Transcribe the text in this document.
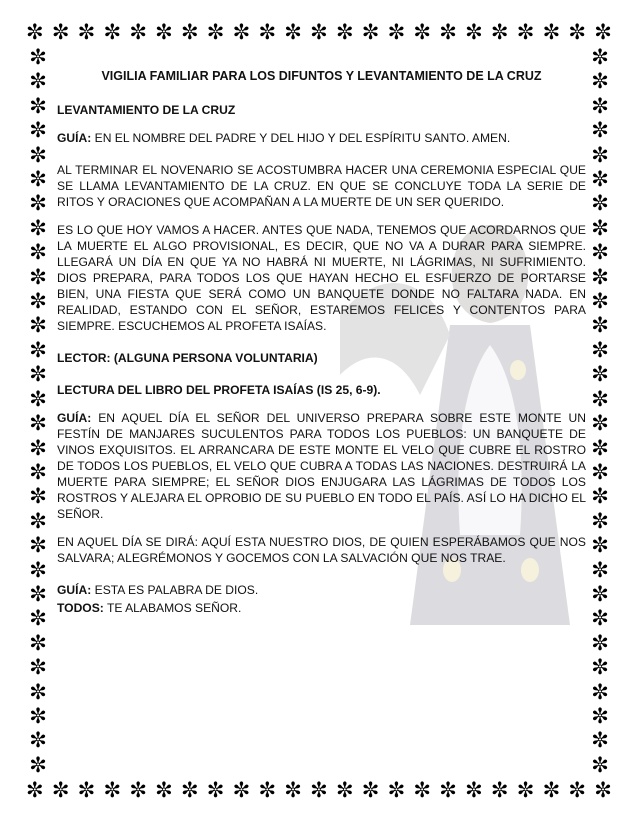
✼ ✼ ✼ ✼ ✼ ✼ ✼ ✼ ✼ ✼ ✼ ✼ ✼ ✼ ✼ ✼ ✼ ✼ ✼ ✼ ✼ ✼ ✼
✼ ✼ ✼ ✼ ✼ ✼ ✼ ✼ ✼ ✼ ✼ ✼ ✼ ✼ ✼ ✼ ✼ ✼ ✼ ✼ ✼ ✼ ✼
✼
✼
✼
✼
✼
✼
✼
✼
✼
✼
✼
✼
✼
✼
✼
✼
✼
✼
✼
✼
✼
✼
✼
✼
✼
✼
✼
✼
✼
✼
✼
✼
✼
✼
✼
✼
✼
✼
✼
✼
✼
✼
✼
✼
✼
✼
✼
✼
✼
✼
✼
✼
✼
✼
✼
✼
✼
✼
✼
✼
VIGILIA FAMILIAR PARA LOS DIFUNTOS Y LEVANTAMIENTO DE LA CRUZ

LEVANTAMIENTO DE LA CRUZ

GUÍA: EN EL NOMBRE DEL PADRE Y DEL HIJO Y DEL ESPÍRITU SANTO. AMEN.

AL TERMINAR EL NOVENARIO SE ACOSTUMBRA HACER UNA CEREMONIA ESPECIAL QUE SE LLAMA LEVANTAMIENTO DE LA CRUZ. EN QUE SE CONCLUYE TODA LA SERIE DE RITOS Y ORACIONES QUE ACOMPAÑAN A LA MUERTE DE UN SER QUERIDO.

ES LO QUE HOY VAMOS A HACER. ANTES QUE NADA, TENEMOS QUE ACORDARNOS QUE LA MUERTE EL ALGO PROVISIONAL, ES DECIR, QUE NO VA A DURAR PARA SIEMPRE. LLEGARÁ UN DÍA EN QUE YA NO HABRÁ NI MUERTE, NI LÁGRIMAS, NI SUFRIMIENTO. DIOS PREPARA, PARA TODOS LOS QUE HAYAN HECHO EL ESFUERZO DE PORTARSE BIEN, UNA FIESTA QUE SERÁ COMO UN BANQUETE DONDE NO FALTARA NADA. EN REALIDAD, ESTANDO CON EL SEÑOR, ESTAREMOS FELICES Y CONTENTOS PARA SIEMPRE. ESCUCHEMOS AL PROFETA ISAÍAS.

LECTOR: (ALGUNA PERSONA VOLUNTARIA)

LECTURA DEL LIBRO DEL PROFETA ISAÍAS (IS 25, 6-9).

GUÍA: EN AQUEL DÍA EL SEÑOR DEL UNIVERSO PREPARA SOBRE ESTE MONTE UN FESTÍN DE MANJARES SUCULENTOS PARA TODOS LOS PUEBLOS: UN BANQUETE DE VINOS EXQUISITOS. EL ARRANCARA DE ESTE MONTE EL VELO QUE CUBRE EL ROSTRO DE TODOS LOS PUEBLOS, EL VELO QUE CUBRA A TODAS LAS NACIONES. DESTRUIRÁ LA MUERTE PARA SIEMPRE; EL SEÑOR DIOS ENJUGARA LAS LÁGRIMAS DE TODOS LOS ROSTROS Y ALEJARA EL OPROBIO DE SU PUEBLO EN TODO EL PAÍS. ASÍ LO HA DICHO EL SEÑOR.

EN AQUEL DÍA SE DIRÁ: AQUÍ ESTA NUESTRO DIOS, DE QUIEN ESPERÁBAMOS QUE NOS SALVARA; ALEGRÉMONOS Y GOCEMOS CON LA SALVACIÓN QUE NOS TRAE.

GUÍA: ESTA ES PALABRA DE DIOS.

TODOS: TE ALABAMOS SEÑOR.
